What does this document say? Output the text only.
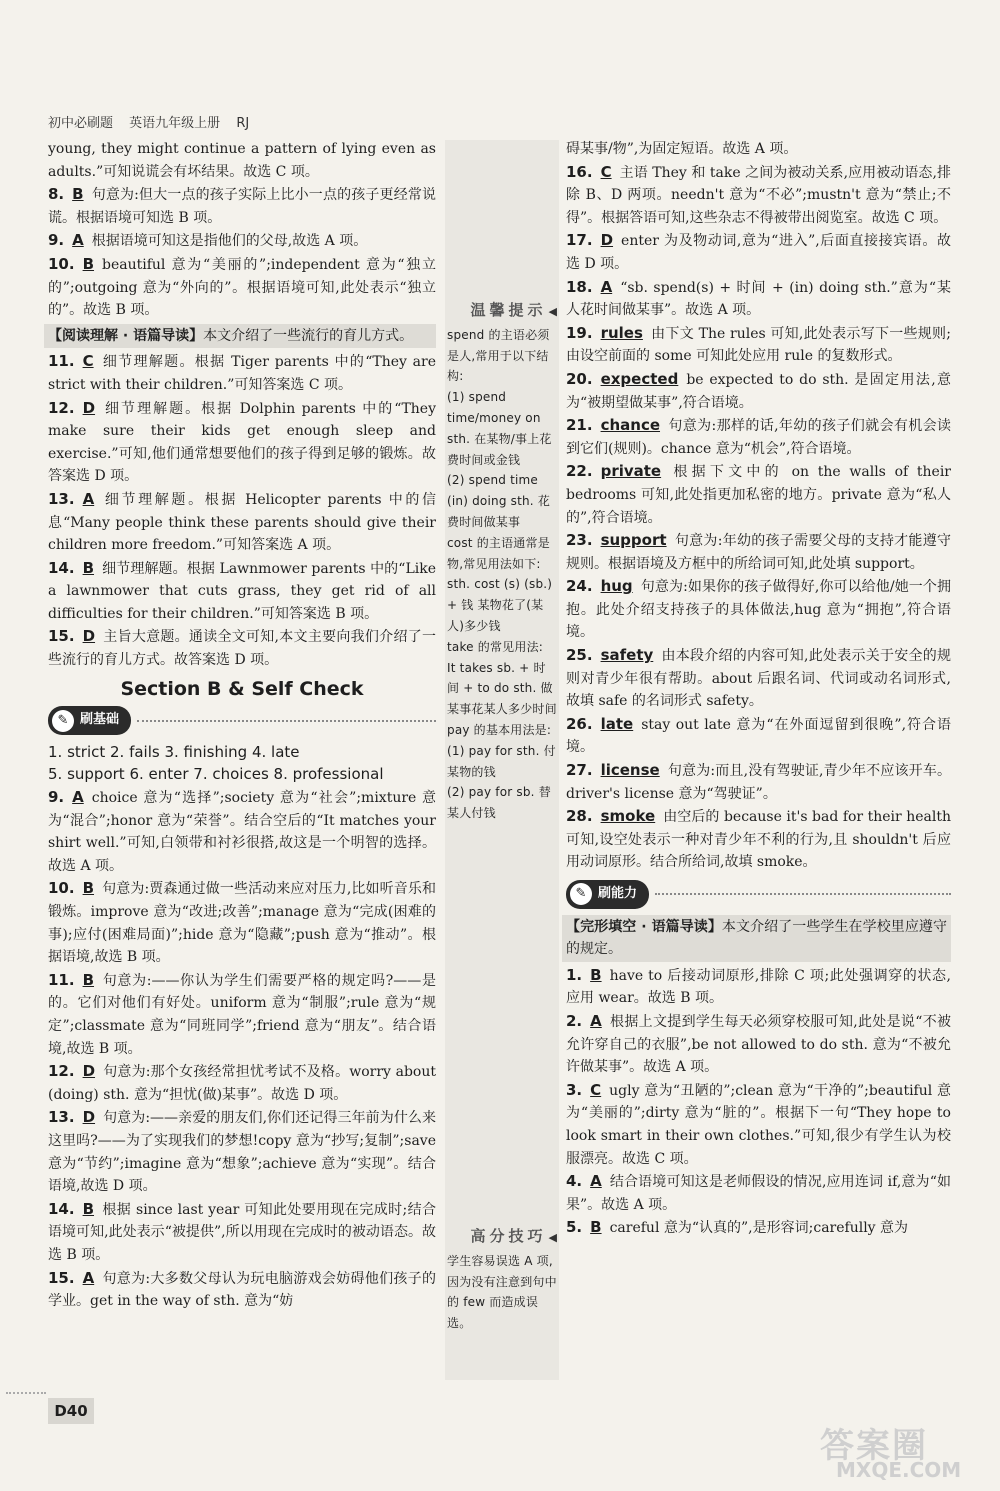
初中必刷题 英语九年级上册 RJ
温馨提示 ◀
spend 的主语必须是人,常用于以下结构:
(1) spend time/money on sth. 在某物/事上花费时间或金钱
(2) spend time (in) doing sth. 花费时间做某事
cost 的主语通常是物,常见用法如下:
sth. cost (s) (sb.) + 钱 某物花了(某人)多少钱
take 的常见用法:
It takes sb. + 时间 + to do sth. 做某事花某人多少时间
pay 的基本用法是:
(1) pay for sth. 付某物的钱
(2) pay for sb. 替某人付钱
高分技巧 ◀
学生容易误选 A 项,因为没有注意到句中的 few 而造成误选。

young, they might continue a pattern of lying even as adults.”可知说谎会有坏结果。故选 C 项。

8. B 句意为:但大一点的孩子实际上比小一点的孩子更经常说谎。根据语境可知选 B 项。

9. A 根据语境可知这是指他们的父母,故选 A 项。

10. B beautiful 意为“美丽的”;independent 意为“独立的”;outgoing 意为“外向的”。根据语境可知,此处表示“独立的”。故选 B 项。

【阅读理解 · 语篇导读】本文介绍了一些流行的育儿方式。

11. C 细节理解题。根据 Tiger parents 中的“They are strict with their children.”可知答案选 C 项。

12. D 细节理解题。根据 Dolphin parents 中的“They make sure their kids get enough sleep and exercise.”可知,他们通常想要他们的孩子得到足够的锻炼。故答案选 D 项。

13. A 细节理解题。根据 Helicopter parents 中的信息“Many people think these parents should give their children more freedom.”可知答案选 A 项。

14. B 细节理解题。根据 Lawnmower parents 中的“Like a lawnmower that cuts grass, they get rid of all difficulties for their children.”可知答案选 B 项。

15. D 主旨大意题。通读全文可知,本文主要向我们介绍了一些流行的育儿方式。故答案选 D 项。

Section B & Self Check
✎ 刷基础
1. strict 2. fails 3. finishing 4. late
5. support 6. enter 7. choices 8. professional

9. A choice 意为“选择”;society 意为“社会”;mixture 意为“混合”;honor 意为“荣誉”。结合空后的“It matches your shirt well.”可知,白领带和衬衫很搭,故这是一个明智的选择。故选 A 项。

10. B 句意为:贾森通过做一些活动来应对压力,比如听音乐和锻炼。improve 意为“改进;改善”;manage 意为“完成(困难的事);应付(困难局面)”;hide 意为“隐藏”;push 意为“推动”。根据语境,故选 B 项。

11. B 句意为:——你认为学生们需要严格的规定吗?——是的。它们对他们有好处。uniform 意为“制服”;rule 意为“规定”;classmate 意为“同班同学”;friend 意为“朋友”。结合语境,故选 B 项。

12. D 句意为:那个女孩经常担忧考试不及格。worry about (doing) sth. 意为“担忧(做)某事”。故选 D 项。

13. D 句意为:——亲爱的朋友们,你们还记得三年前为什么来这里吗?——为了实现我们的梦想!copy 意为“抄写;复制”;save 意为“节约”;imagine 意为“想象”;achieve 意为“实现”。结合语境,故选 D 项。

14. B 根据 since last year 可知此处要用现在完成时;结合语境可知,此处表示“被提供”,所以用现在完成时的被动语态。故选 B 项。

15. A 句意为:大多数父母认为玩电脑游戏会妨碍他们孩子的学业。get in the way of sth. 意为“妨

碍某事/物”,为固定短语。故选 A 项。

16. C 主语 They 和 take 之间为被动关系,应用被动语态,排除 B、D 两项。needn't 意为“不必”;mustn't 意为“禁止;不得”。根据答语可知,这些杂志不得被带出阅览室。故选 C 项。

17. D enter 为及物动词,意为“进入”,后面直接接宾语。故选 D 项。

18. A “sb. spend(s) + 时间 + (in) doing sth.”意为“某人花时间做某事”。故选 A 项。

19. rules 由下文 The rules 可知,此处表示写下一些规则;由设空前面的 some 可知此处应用 rule 的复数形式。

20. expected be expected to do sth. 是固定用法,意为“被期望做某事”,符合语境。

21. chance 句意为:那样的话,年幼的孩子们就会有机会读到它们(规则)。chance 意为“机会”,符合语境。

22. private 根据下文中的 on the walls of their bedrooms 可知,此处指更加私密的地方。private 意为“私人的”,符合语境。

23. support 句意为:年幼的孩子需要父母的支持才能遵守规则。根据语境及方框中的所给词可知,此处填 support。

24. hug 句意为:如果你的孩子做得好,你可以给他/她一个拥抱。此处介绍支持孩子的具体做法,hug 意为“拥抱”,符合语境。

25. safety 由本段介绍的内容可知,此处表示关于安全的规则对青少年很有帮助。about 后跟名词、代词或动名词形式,故填 safe 的名词形式 safety。

26. late stay out late 意为“在外面逗留到很晚”,符合语境。

27. license 句意为:而且,没有驾驶证,青少年不应该开车。driver's license 意为“驾驶证”。

28. smoke 由空后的 because it's bad for their health 可知,设空处表示一种对青少年不利的行为,且 shouldn't 后应用动词原形。结合所给词,故填 smoke。

✎ 刷能力

【完形填空 · 语篇导读】本文介绍了一些学生在学校里应遵守的规定。

1. B have to 后接动词原形,排除 C 项;此处强调穿的状态,应用 wear。故选 B 项。

2. A 根据上文提到学生每天必须穿校服可知,此处是说“不被允许穿自己的衣服”,be not allowed to do sth. 意为“不被允许做某事”。故选 A 项。

3. C ugly 意为“丑陋的”;clean 意为“干净的”;beautiful 意为“美丽的”;dirty 意为“脏的”。根据下一句“They hope to look smart in their own clothes.”可知,很少有学生认为校服漂亮。故选 C 项。

4. A 结合语境可知这是老师假设的情况,应用连词 if,意为“如果”。故选 A 项。

5. B careful 意为“认真的”,是形容词;carefully 意为

D40
答案圈
MXQE.COM
